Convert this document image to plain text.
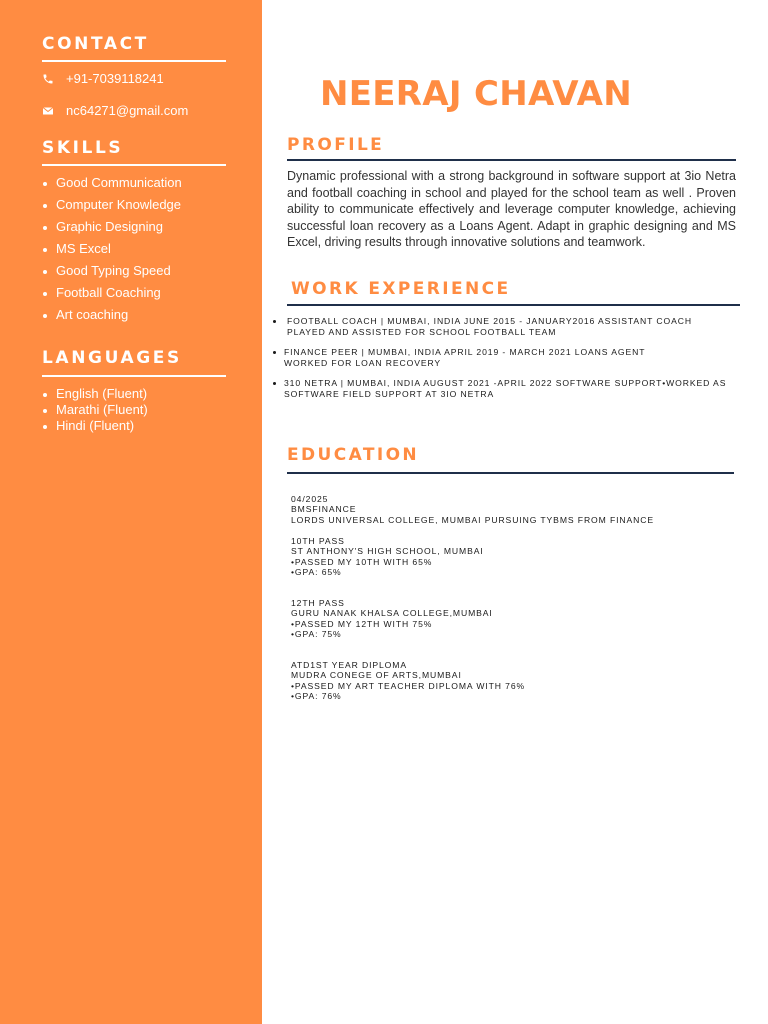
CONTACT
+91-7039118241
nc64271@gmail.com
SKILLS
Good Communication
Computer Knowledge
Graphic Designing
MS Excel
Good Typing Speed
Football Coaching
Art coaching
LANGUAGES
English (Fluent)
Marathi (Fluent)
Hindi (Fluent)
NEERAJ CHAVAN
PROFILE

Dynamic professional with a strong background in software support at 3io Netra and football coaching in school and played for the school team as well . Proven ability to communicate effectively and leverage computer knowledge, achieving successful loan recovery as a Loans Agent. Adapt in graphic designing and MS Excel, driving results through innovative solutions and teamwork.

WORK EXPERIENCE
FOOTBALL COACH | MUMBAI, INDIA JUNE 2015 - JANUARY2016 ASSISTANT COACH
PLAYED AND ASSISTED FOR SCHOOL FOOTBALL TEAM
FINANCE PEER | MUMBAI, INDIA APRIL 2019 - MARCH 2021 LOANS AGENT
WORKED FOR LOAN RECOVERY
310 NETRA | MUMBAI, INDIA AUGUST 2021 -APRIL 2022 SOFTWARE SUPPORT•WORKED AS
SOFTWARE FIELD SUPPORT AT 3IO NETRA
EDUCATION
04/2025
BMSFINANCE
LORDS UNIVERSAL COLLEGE, MUMBAI PURSUING TYBMS FROM FINANCE
10TH PASS
ST ANTHONY'S HIGH SCHOOL, MUMBAI
•PASSED MY 10TH WITH 65%
•GPA: 65%
12TH PASS
GURU NANAK KHALSA COLLEGE,MUMBAI
•PASSED MY 12TH WITH 75%
•GPA: 75%
ATD1ST YEAR DIPLOMA
MUDRA CONEGE OF ARTS,MUMBAI
•PASSED MY ART TEACHER DIPLOMA WITH 76%
•GPA: 76%
